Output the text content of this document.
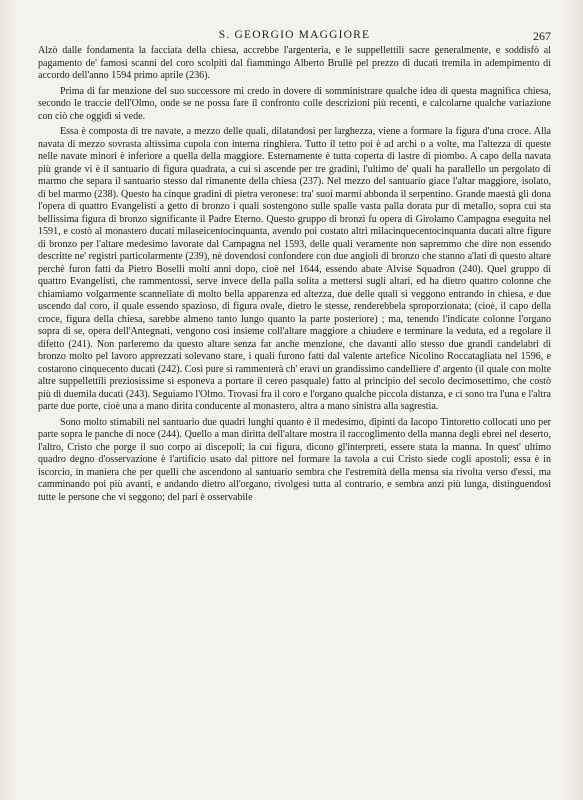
S. GEORGIO MAGGIORE	267

Alzò dalle fondamenta la facciata della chiesa, accrebbe l'argenteria, e le suppellettili sacre generalmente, e soddisfò al pagamento de' famosi scanni del coro scolpiti dal fiammingo Alberto Brullè pel prezzo di ducati tremila in adempimento di accordo dell'anno 1594 primo aprile (236).

Prima di far menzione del suo successore mi credo in dovere di somministrare qualche idea di questa magnifica chiesa, secondo le traccie dell'Olmo, onde se ne possa fare il confronto colle descrizioni più recenti, e calcolarne qualche variazione con ciò che oggidì si vede.

Essa è composta di tre navate, a mezzo delle quali, dilatandosi per larghezza, viene a formare la figura d'una croce. Alla navata di mezzo sovrasta altissima cupola con interna ringhiera. Tutto il tetto poi è ad archi o a volte, ma l'altezza di queste nelle navate minori è inferiore a quella della maggiore. Esternamente è tutta coperta di lastre di piombo. A capo della navata più grande vi è il santuario di figura quadrata, a cui si ascende per tre gradini, l'ultimo de' quali ha parallello un pergolato di marmo che separa il santuario stesso dal rimanente della chiesa (237). Nel mezzo del santuario giace l'altar maggiore, isolato, di bel marmo (238). Questo ha cinque gradini di pietra veronese: tra' suoi marmi abbonda il serpentino. Grande maestà gli dona l'opera di quattro Evangelisti a getto di bronzo i quali sostengono sulle spalle vasta palla dorata pur di metallo, sopra cui sta bellissima figura di bronzo significante il Padre Eterno. Questo gruppo di bronzi fu opera di Girolamo Campagna eseguita nel 1591, e costò al monastero ducati milaseicentocinquanta, avendo poi costato altri milacinquecentocinquanta ducati altre figure di bronzo per l'altare medesimo lavorate dal Campagna nel 1593, delle quali veramente non sapremmo che dire non essendo descritte ne' registri particolarmente (239), nè dovendosi confondere con due angioli di bronzo che stanno a'lati di questo altare perchè furon fatti da Pietro Boselli molti anni dopo, cioè nel 1644, essendo abate Alvise Squadron (240). Quel gruppo di quattro Evangelisti, che rammentossi, serve invece della palla solita a mettersi sugli altari, ed ha dietro quattro colonne che chiamiamo volgarmente scannellate di molto bella apparenza ed altezza, due delle quali si veggono entrando in chiesa, e due uscendo dal coro, il quale essendo spazioso, di figura ovale, dietro le stesse, renderebbela sproporzionata; (cioè, il capo della croce, figura della chiesa, sarebbe almeno tanto lungo quanto la parte posteriore) ; ma, tenendo l'indicate colonne l'organo sopra di se, opera dell'Antegnati, vengono così insieme coll'altare maggiore a chiudere e terminare la veduta, ed a regolare il difetto (241). Non parleremo da questo altare senza far anche menzione, che davanti allo stesso due grandi candelabri di bronzo molto pel lavoro apprezzati solevano stare, i quali furono fatti dal valente artefice Nicolino Roccatagliata nel 1596, e costarono cinquecento ducati (242). Così pure si rammenterà ch' eravi un grandissimo candelliere d' argento (il quale con molte altre suppellettili preziosissime si esponeva a portare il cereo pasquale) fatto al principio del secolo decimosettimo, che costò più di duemila ducati (243). Seguiamo l'Olmo. Trovasi fra il coro e l'organo qualche piccola distanza, e ci sono tra l'una e l'altra parte due porte, cioè una a mano dirita conducente al monastero, altra a mano sinistra alla sagrestia.

Sono molto stimabili nel santuario due quadri lunghi quanto è il medesimo, dipinti da Iacopo Tintoretto collocati uno per parte sopra le panche di noce (244). Quello a man diritta dell'altare mostra il raccoglimento della manna degli ebrei nel deserto, l'altro, Cristo che porge il suo corpo ai discepoli; la cui figura, dicono gl'interpreti, essere stata la manna. In quest' ultimo quadro degno d'osservazione è l'artificio usato dal pittore nel formare la tavola a cui Cristo siede cogli apostoli; essa è in iscorcio, in maniera che per quelli che ascendono al santuario sembra che l'estremità della mensa sia rivolta verso d'essi, ma camminando poi più avanti, e andando dietro all'organo, rivolgesi tutta al contrario, e sembra anzi più lunga, distinguendosi tutte le persone che vi seggono; del pari è osservabile
